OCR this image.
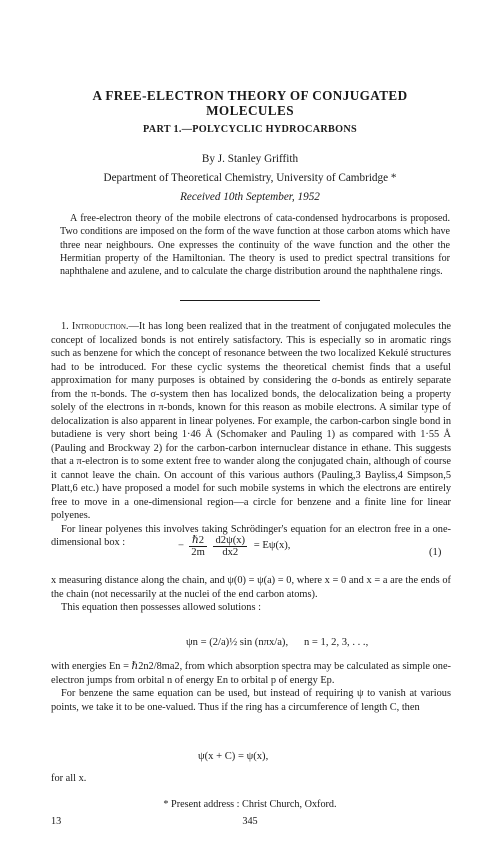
A FREE-ELECTRON THEORY OF CONJUGATED
MOLECULES
PART 1.—POLYCYCLIC HYDROCARBONS
By J. Stanley Griffith
Department of Theoretical Chemistry, University of Cambridge *
Received 10th September, 1952
A free-electron theory of the mobile electrons of cata-condensed hydrocarbons is proposed. Two conditions are imposed on the form of the wave function at those carbon atoms which have three near neighbours. One expresses the continuity of the wave function and the other the Hermitian property of the Hamiltonian. The theory is used to predict spectral transitions for naphthalene and azulene, and to calculate the charge distribution around the naphthalene rings.

1. Introduction.—It has long been realized that in the treatment of conjugated molecules the concept of localized bonds is not entirely satisfactory. This is especially so in aromatic rings such as benzene for which the concept of resonance between the two localized Kekulé structures had to be introduced. For these cyclic systems the theoretical chemist finds that a useful approximation for many purposes is obtained by considering the σ-bonds as entirely separate from the π-bonds. The σ-system then has localized bonds, the delocalization being a property solely of the electrons in π-bonds, known for this reason as mobile electrons. A similar type of delocalization is also apparent in linear polyenes. For example, the carbon-carbon single bond in butadiene is very short being 1·46 Å (Schomaker and Pauling 1) as compared with 1·55 Å (Pauling and Brockway 2) for the carbon-carbon internuclear distance in ethane. This suggests that a π-electron is to some extent free to wander along the conjugated chain, although of course it cannot leave the chain. On account of this various authors (Pauling,3 Bayliss,4 Simpson,5 Platt,6 etc.) have proposed a model for such mobile systems in which the electrons are entirely free to move in a one-dimensional region—a circle for benzene and a finite line for linear polyenes.

For linear polyenes this involves taking Schrödinger's equation for an electron free in a one-dimensional box :	− $\frac{\text{ℏ2}}{2m}$
$\frac{d2\psi(x)}{dx2} = E\psi(x)$,
(1)

x measuring distance along the chain, and ψ(0) = ψ(a) = 0, where x = 0 and x = a are the ends of the chain (not necessarily at the nuclei of the end carbon atoms).

This equation then possesses allowed solutions :

ψn = (2/a)½ sin (nπx/a),      n = 1, 2, 3, . . .,

with energies En = ℏ2n2/8ma2, from which absorption spectra may be calculated as simple one-electron jumps from orbital n of energy En to orbital p of energy Ep.

For benzene the same equation can be used, but instead of requiring ψ to vanish at various points, we take it to be one-valued. Thus if the ring has a circumference of length C, then

ψ(x + C) = ψ(x),

for all x.

* Present address : Christ Church, Oxford.
13	345
